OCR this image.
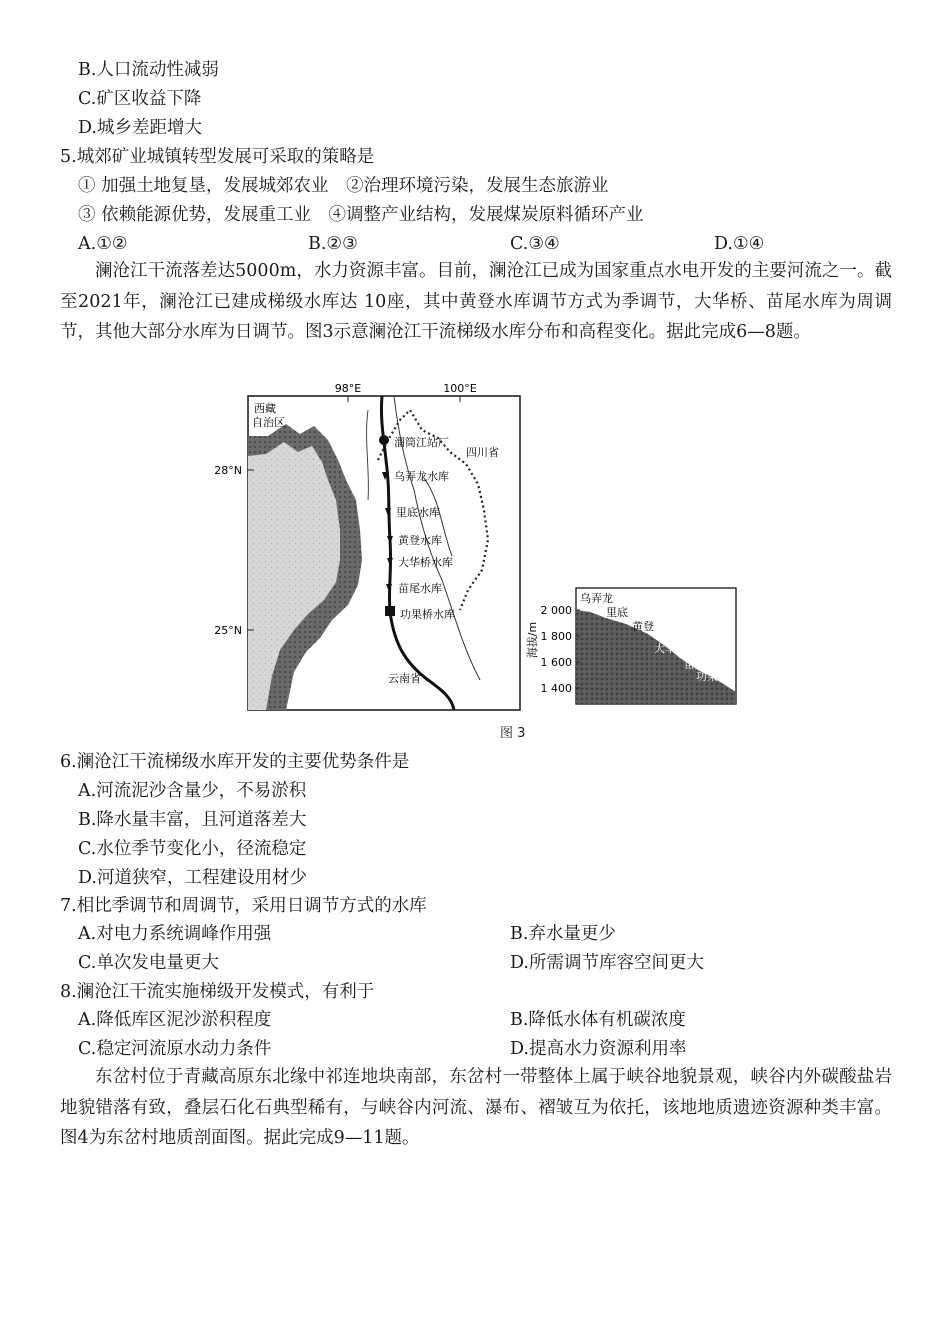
B.人口流动性减弱
C.矿区收益下降
D.城乡差距增大
5.城郊矿业城镇转型发展可采取的策略是
① 加强土地复垦，发展城郊农业　②治理环境污染，发展生态旅游业
③ 依赖能源优势，发展重工业　④调整产业结构，发展煤炭原料循环产业
A.①②	B.②③	C.③④	D.①④
澜沧江干流落差达5000m，水力资源丰富。目前，澜沧江已成为国家重点水电开发的主要河流之一。截至2021年，澜沧江已建成梯级水库达 10座，其中黄登水库调节方式为季调节，大华桥、苗尾水库为周调节，其他大部分水库为日调节。图3示意澜沧江干流梯级水库分布和高程变化。据此完成6—8题。
98°E	100°E
28°N
25°N
西藏
自治区
四川省
云南省
溜筒江站厂
乌弄龙水库
里底水库
黄登水库
大华桥水库
苗尾水库
功果桥水库	2 000
1 800
1 600
1 400
海拔/m
乌弄龙
里底
黄登
大华桥
苗尾
功果桥
图 3
6.澜沧江干流梯级水库开发的主要优势条件是
A.河流泥沙含量少，不易淤积
B.降水量丰富，且河道落差大
C.水位季节变化小，径流稳定
D.河道狭窄，工程建设用材少
7.相比季调节和周调节，采用日调节方式的水库
A.对电力系统调峰作用强	B.弃水量更少
C.单次发电量更大	D.所需调节库容空间更大
8.澜沧江干流实施梯级开发模式，有利于
A.降低库区泥沙淤积程度	B.降低水体有机碳浓度
C.稳定河流原水动力条件	D.提高水力资源利用率
东岔村位于青藏高原东北缘中祁连地块南部，东岔村一带整体上属于峡谷地貌景观，峡谷内外碳酸盐岩地貌错落有致，叠层石化石典型稀有，与峡谷内河流、瀑布、褶皱互为依托，该地地质遗迹资源种类丰富。图4为东岔村地质剖面图。据此完成9—11题。
